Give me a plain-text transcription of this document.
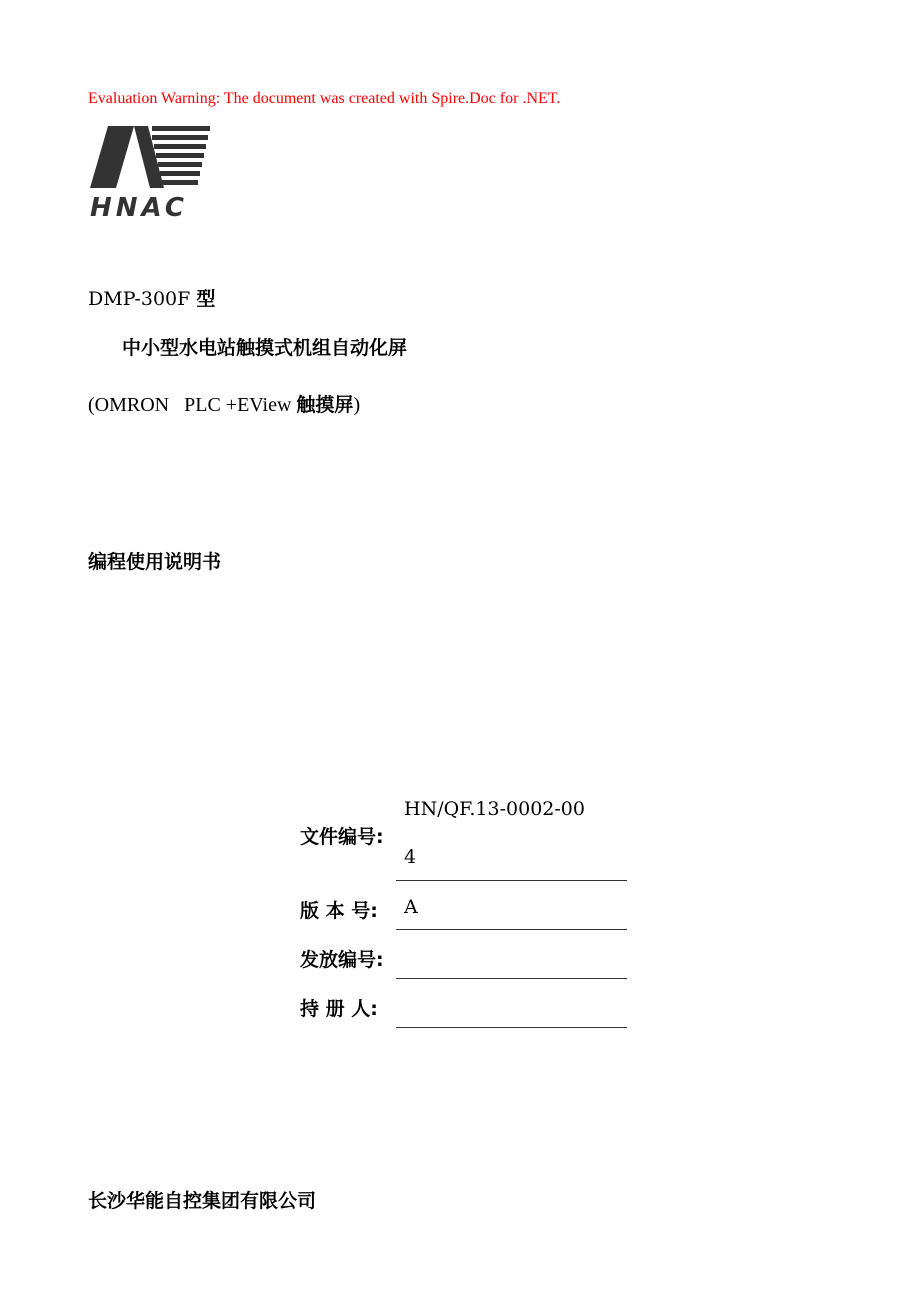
Evaluation Warning: The document was created with Spire.Doc for .NET.
HNAC
DMP-300F 型
中小型水电站触摸式机组自动化屏
(OMRON   PLC +EView 触摸屏)
编程使用说明书
HN/QF.13-0002-00
文件编号:
4
版 本 号: A
发放编号:
持 册 人:
长沙华能自控集团有限公司
